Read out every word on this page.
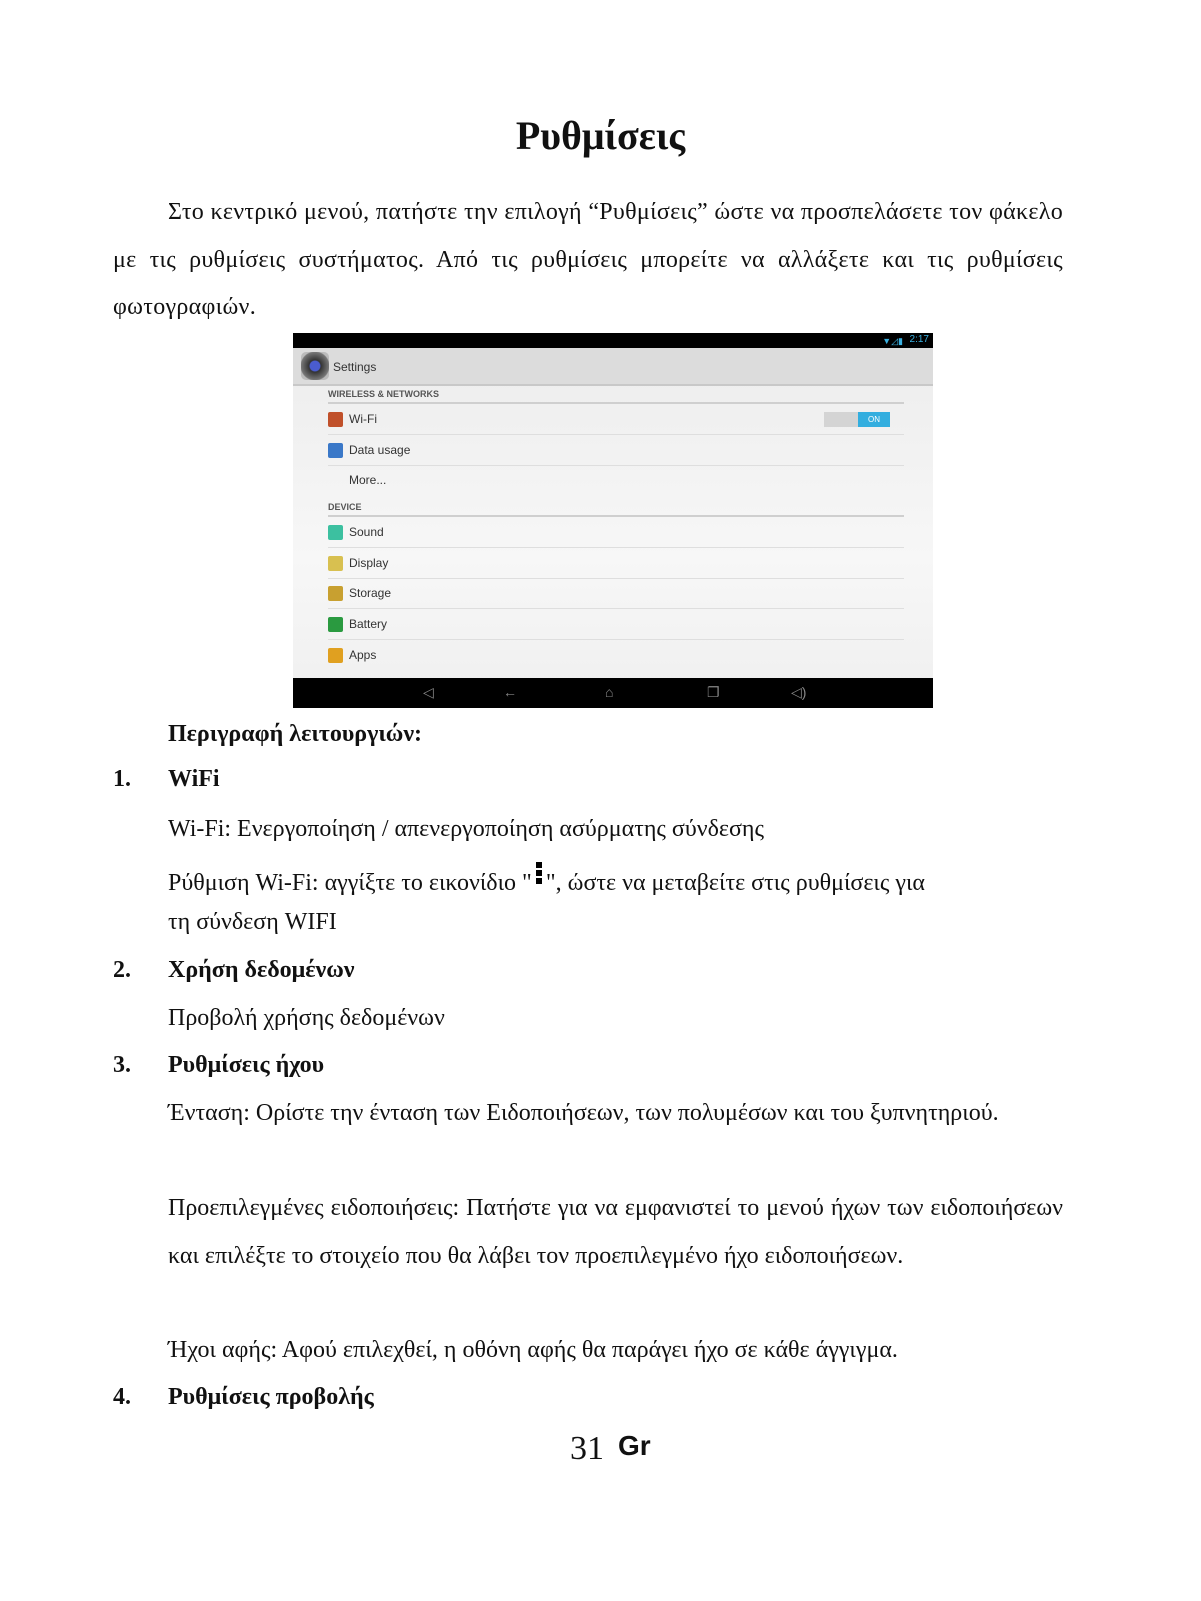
Ρυθμίσεις
Στο κεντρικό μενού, πατήστε την επιλογή “Ρυθμίσεις” ώστε να προσπελάσετε τον φάκελο με τις ρυθμίσεις συστήματος. Από τις ρυθμίσεις μπορείτε να αλλάξετε και τις ρυθμίσεις φωτογραφιών.
▼◿▮ 2:17
Settings
WIRELESS & NETWORKS
Wi-Fi	ON
Data usage
More...
DEVICE
Sound
Display
Storage
Battery
Apps
◁	←	⌂	❐	◁)
Περιγραφή λειτουργιών:
1. WiFi
Wi-Fi: Ενεργοποίηση / απενεργοποίηση ασύρματης σύνδεσης
Ρύθμιση Wi-Fi: αγγίξτε το εικονίδιο " ", ώστε να μεταβείτε στις ρυθμίσεις για
τη σύνδεση WIFI
2. Χρήση δεδομένων
Προβολή χρήσης δεδομένων
3. Ρυθμίσεις ήχου
Ένταση: Ορίστε την ένταση των Ειδοποιήσεων, των πολυμέσων και του ξυπνητηριού.
Προεπιλεγμένες ειδοποιήσεις: Πατήστε για να εμφανιστεί το μενού ήχων των ειδοποιήσεων και επιλέξτε το στοιχείο που θα λάβει τον προεπιλεγμένο ήχο ειδοποιήσεων.
Ήχοι αφής: Αφού επιλεχθεί, η οθόνη αφής θα παράγει ήχο σε κάθε άγγιγμα.
4. Ρυθμίσεις προβολής
31 Gr
